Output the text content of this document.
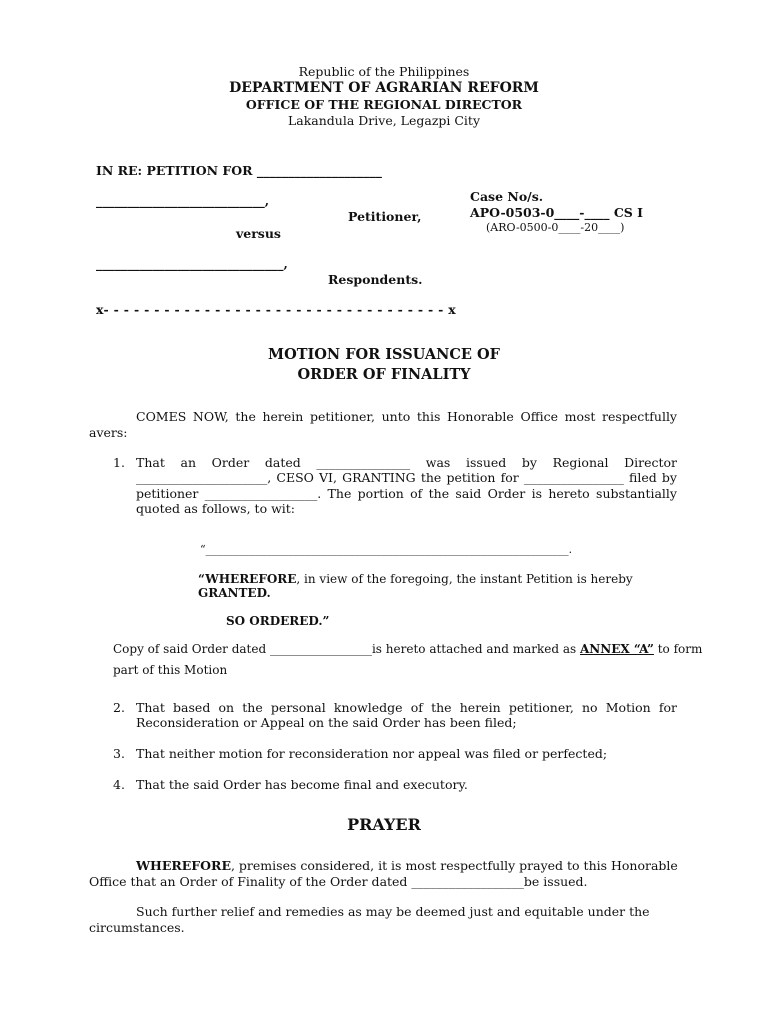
Republic of the Philippines
DEPARTMENT OF AGRARIAN REFORM
OFFICE OF THE REGIONAL DIRECTOR
Lakandula Drive, Legazpi City
IN RE: PETITION FOR ____________________
___________________________,
Petitioner,
versus
______________________________,
Respondents.
x- - - - - - - - - - - - - - - - - - - - - - - - - - - - - - - - - - x
Case No/s.
APO-0503-0____-____ CS I
(ARO-0500-0____-20____)
MOTION FOR ISSUANCE OF
ORDER OF FINALITY
COMES NOW, the herein petitioner, unto this Honorable Office most respectfully
avers:
1. That an Order dated _______________ was issued by Regional Director
_____________________, CESO VI, GRANTING the petition for ________________ filed by
petitioner __________________. The portion of the said Order is hereto substantially
quoted as follows, to wit:
“__________________________________________________________________.
“WHEREFORE, in view of the foregoing, the instant Petition is hereby
GRANTED.
SO ORDERED.”
Copy of said Order dated _________________is hereto attached and marked as ANNEX “A” to form
part of this Motion
2. That based on the personal knowledge of the herein petitioner, no Motion for
Reconsideration or Appeal on the said Order has been filed;
3. That neither motion for reconsideration nor appeal was filed or perfected;
4. That the said Order has become final and executory.
PRAYER
WHEREFORE, premises considered, it is most respectfully prayed to this Honorable
Office that an Order of Finality of the Order dated __________________be issued.
Such further relief and remedies as may be deemed just and equitable under the
circumstances.
